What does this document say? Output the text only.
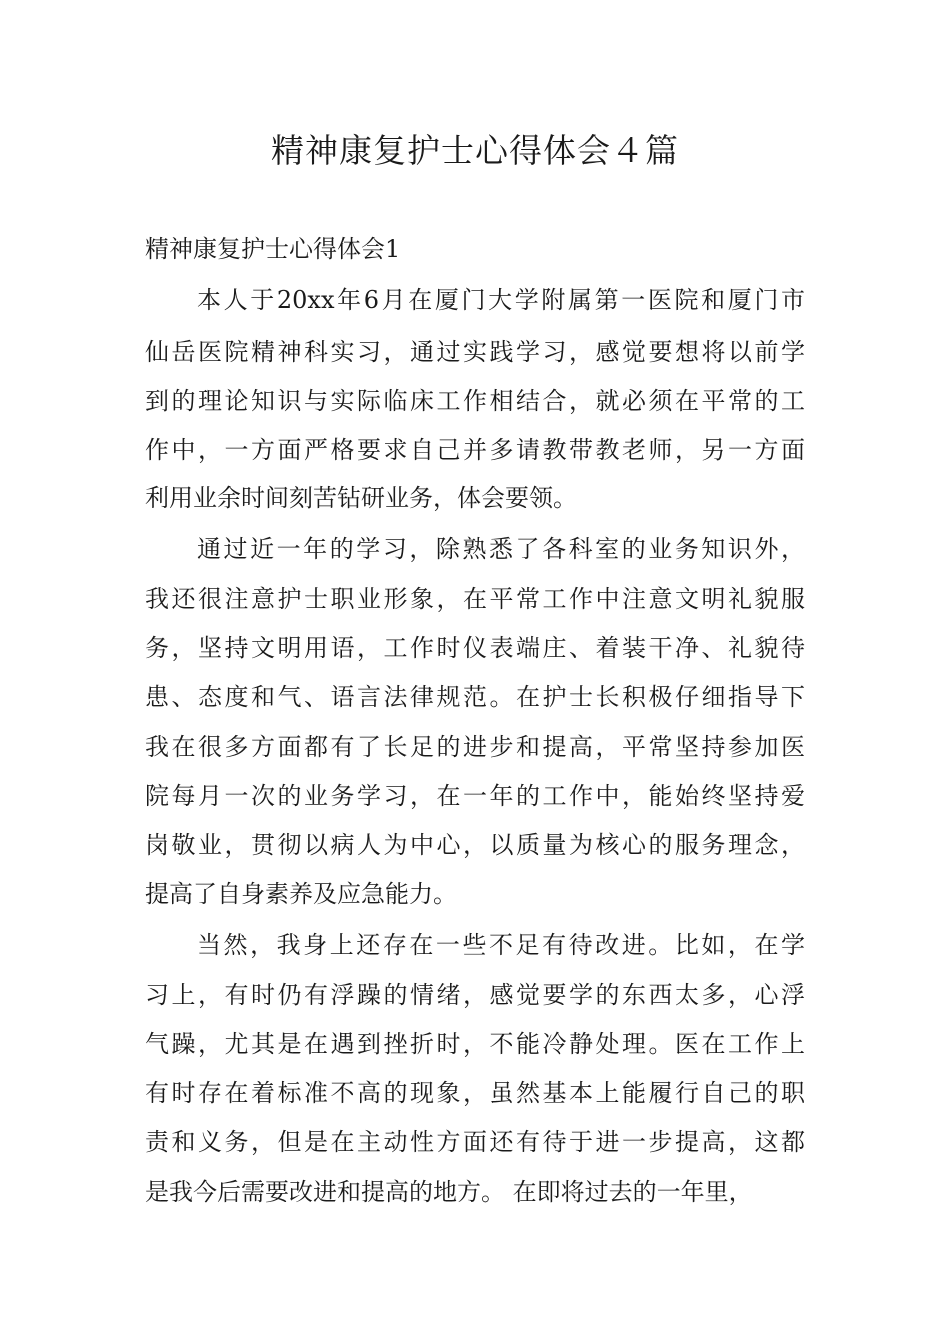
精神康复护士心得体会４篇
精神康复护士心得体会1

本人于20xx年6月在厦门大学附属第一医院和厦门市

仙岳医院精神科实习，通过实践学习，感觉要想将以前学

到的理论知识与实际临床工作相结合，就必须在平常的工

作中，一方面严格要求自己并多请教带教老师，另一方面

利用业余时间刻苦钻研业务，体会要领。

通过近一年的学习，除熟悉了各科室的业务知识外，

我还很注意护士职业形象，在平常工作中注意文明礼貌服

务，坚持文明用语，工作时仪表端庄、着装干净、礼貌待

患、态度和气、语言法律规范。在护士长积极仔细指导下

我在很多方面都有了长足的进步和提高，平常坚持参加医

院每月一次的业务学习，在一年的工作中，能始终坚持爱

岗敬业，贯彻以病人为中心，以质量为核心的服务理念，

提高了自身素养及应急能力。

当然，我身上还存在一些不足有待改进。比如，在学

习上，有时仍有浮躁的情绪，感觉要学的东西太多，心浮

气躁，尤其是在遇到挫折时，不能冷静处理。医在工作上

有时存在着标准不高的现象，虽然基本上能履行自己的职

责和义务，但是在主动性方面还有待于进一步提高，这都

是我今后需要改进和提高的地方。 在即将过去的一年里，
